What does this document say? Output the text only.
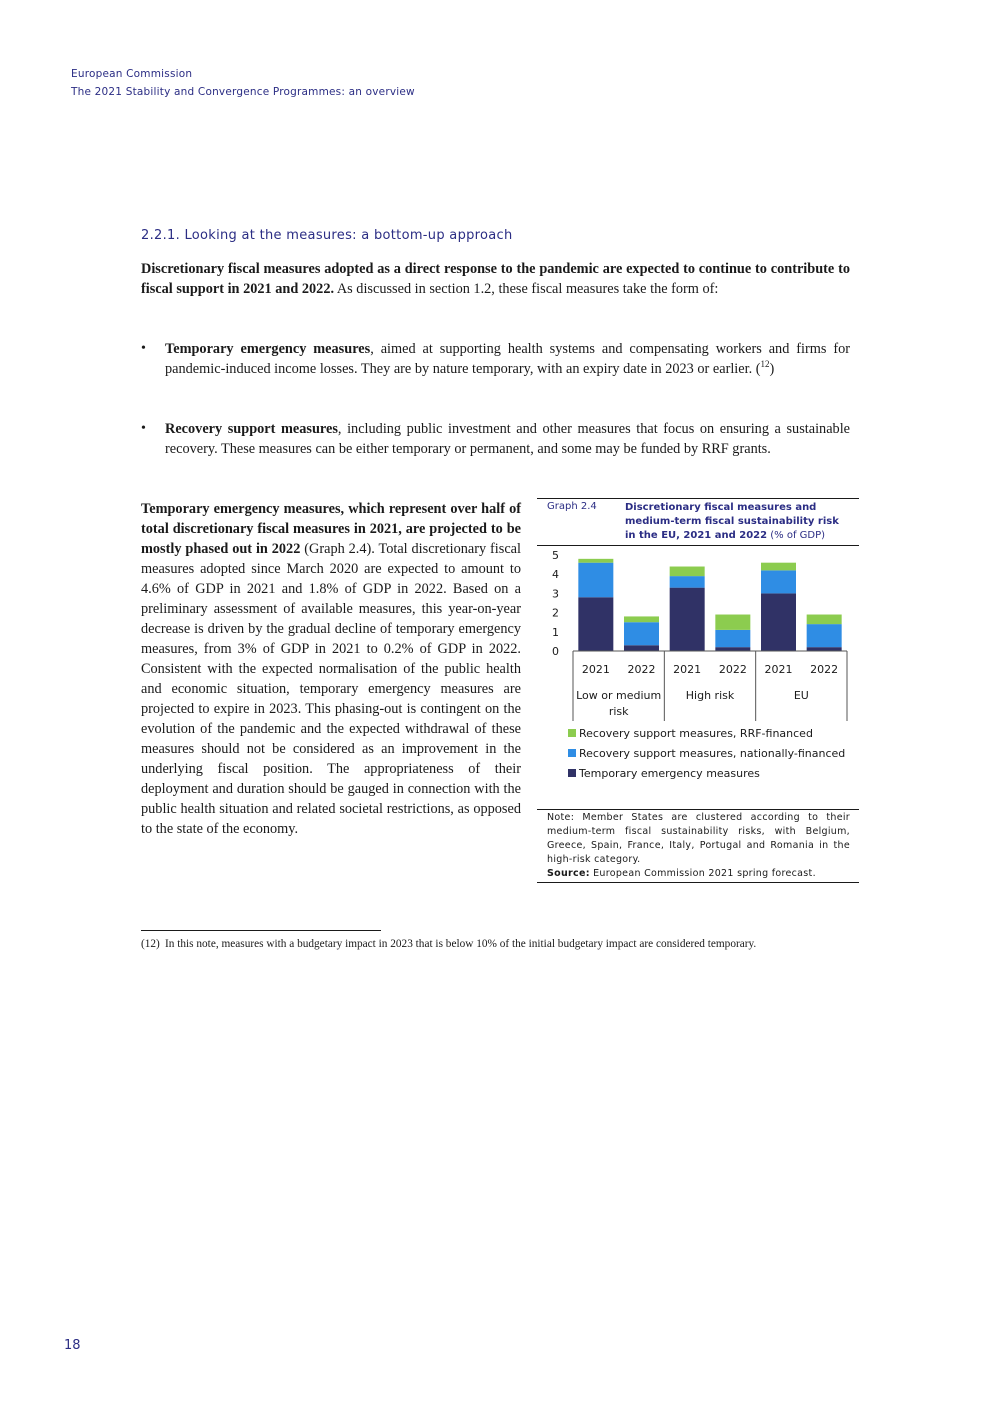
European Commission
The 2021 Stability and Convergence Programmes: an overview
2.2.1. Looking at the measures: a bottom-up approach

Discretionary fiscal measures adopted as a direct response to the pandemic are expected to continue to contribute to fiscal support in 2021 and 2022. As discussed in section 1.2, these fiscal measures take the form of:

• Temporary emergency measures, aimed at supporting health systems and compensating workers and firms for pandemic-induced income losses. They are by nature temporary, with an expiry date in 2023 or earlier. ($^{12}$)

• Recovery support measures, including public investment and other measures that focus on ensuring a sustainable recovery. These measures can be either temporary or permanent, and some may be funded by RRF grants.

Temporary emergency measures, which represent over half of total discretionary fiscal measures in 2021, are projected to be mostly phased out in 2022 (Graph 2.4). Total discretionary fiscal measures adopted since March 2020 are expected to amount to 4.6% of GDP in 2021 and 1.8% of GDP in 2022. Based on a preliminary assessment of available measures, this year-on-year decrease is driven by the gradual decline of temporary emergency measures, from 3% of GDP in 2021 to 0.2% of GDP in 2022. Consistent with the expected normalisation of the public health and economic situation, temporary emergency measures are projected to expire in 2023. This phasing-out is contingent on the evolution of the pandemic and the expected withdrawal of these measures should not be considered as an improvement in the underlying fiscal position. The appropriateness of their deployment and duration should be gauged in connection with the public health situation and related societal restrictions, as opposed to the state of the economy.

Graph 2.4	Discretionary fiscal measures and medium-term fiscal sustainability risk in the EU, 2021 and 2022 (% of GDP)
0
1
2
3
4
5
2021 2022 2021 2022 2021 2022
Low or medium
risk
High risk	EU
Recovery support measures, RRF-financed
Recovery support measures, nationally-financed
Temporary emergency measures

Note: Member States are clustered according to their medium-term fiscal sustainability risks, with Belgium, Greece, Spain, France, Italy, Portugal and Romania in the high-risk category.

Source: European Commission 2021 spring forecast.

(12) In this note, measures with a budgetary impact in 2023 that is below 10% of the initial budgetary impact are considered temporary.

18
